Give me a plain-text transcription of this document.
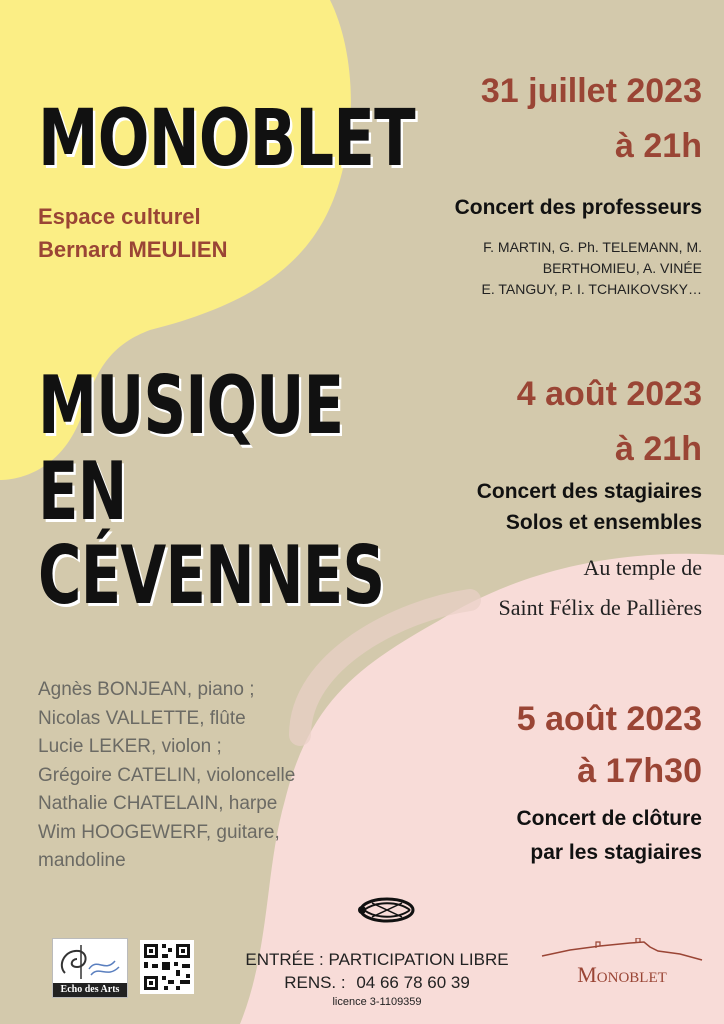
MONOBLET
Espace culturel
Bernard MEULIEN
MUSIQUE
EN
CÉVENNES
Agnès BONJEAN, piano ;
Nicolas VALLETTE, flûte
Lucie LEKER, violon ;
Grégoire CATELIN, violoncelle
Nathalie CHATELAIN, harpe
Wim HOOGEWERF, guitare,
mandoline
31 juillet 2023
à 21h
Concert des professeurs
F. MARTIN, G. Ph. TELEMANN, M. BERTHOMIEU, A. VINÉE
E. TANGUY, P. I. TCHAIKOVSKY…
4 août 2023
à 21h
Concert des stagiaires
Solos et ensembles
Au temple de
Saint Félix de Pallières
5 août 2023
à 17h30
Concert de clôture
par les stagiaires
Echo des Arts
ENTRÉE : PARTICIPATION LIBRE
RENS. : 04 66 78 60 39
licence 3-1109359
Monoblet
